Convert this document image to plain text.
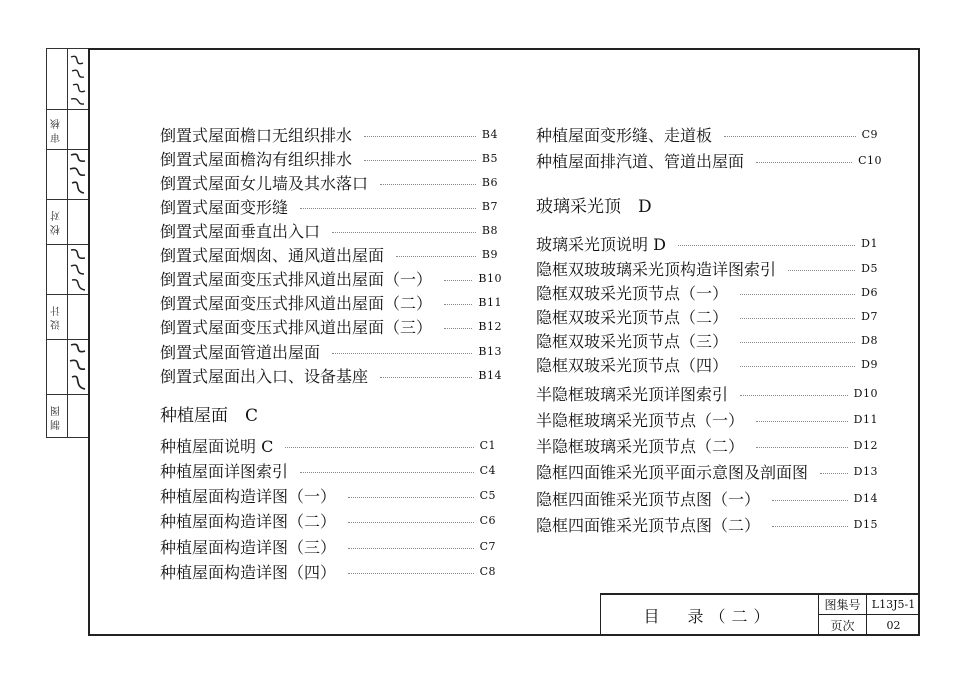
审核
校对
设计
制图
倒置式屋面檐口无组织排水	B4
倒置式屋面檐沟有组织排水	B5
倒置式屋面女儿墙及其水落口	B6
倒置式屋面变形缝	B7
倒置式屋面垂直出入口	B8
倒置式屋面烟囱、通风道出屋面	B9
倒置式屋面变压式排风道出屋面（一）	B10
倒置式屋面变压式排风道出屋面（二）	B11
倒置式屋面变压式排风道出屋面（三）	B12
倒置式屋面管道出屋面	B13
倒置式屋面出入口、设备基座	B14
种植屋面　C
种植屋面说明 C	C1
种植屋面详图索引	C4
种植屋面构造详图（一）	C5
种植屋面构造详图（二）	C6
种植屋面构造详图（三）	C7
种植屋面构造详图（四）	C8
种植屋面变形缝、走道板	C9
种植屋面排汽道、管道出屋面	C10
玻璃采光顶　D
玻璃采光顶说明 D	D1
隐框双玻玻璃采光顶构造详图索引	D5
隐框双玻采光顶节点（一）	D6
隐框双玻采光顶节点（二）	D7
隐框双玻采光顶节点（三）	D8
隐框双玻采光顶节点（四）	D9
半隐框玻璃采光顶详图索引	D10
半隐框玻璃采光顶节点（一）	D11
半隐框玻璃采光顶节点（二）	D12
隐框四面锥采光顶平面示意图及剖面图	D13
隐框四面锥采光顶节点图（一）	D14
隐框四面锥采光顶节点图（二）	D15
目　录（二）
图集号	L13J5-1
页次	02
